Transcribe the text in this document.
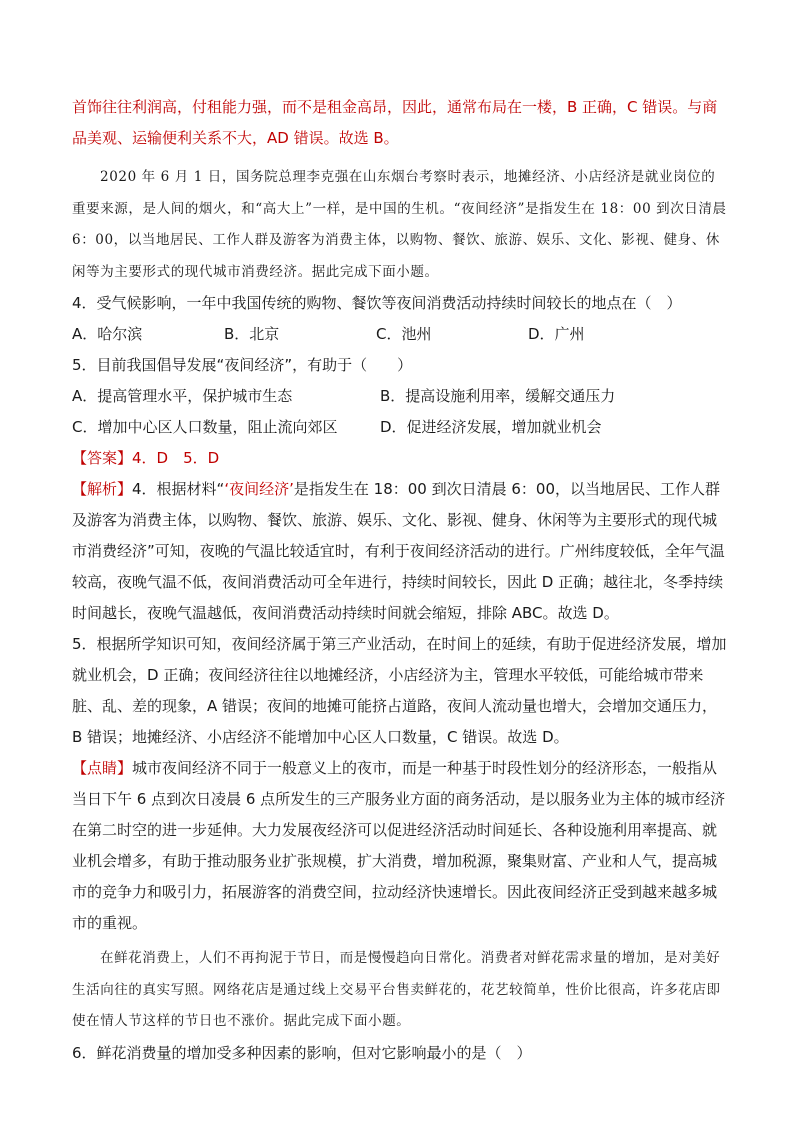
首饰往往利润高，付租能力强，而不是租金高昂，因此，通常布局在一楼，B 正确，C 错误。与商品美观、运输便利关系不大，AD 错误。故选 B。

2020 年 6 月 1 日，国务院总理李克强在山东烟台考察时表示，地摊经济、小店经济是就业岗位的重要来源，是人间的烟火，和“高大上”一样，是中国的生机。“夜间经济”是指发生在 18：00 到次日清晨 6：00，以当地居民、工作人群及游客为消费主体，以购物、餐饮、旅游、娱乐、文化、影视、健身、休闲等为主要形式的现代城市消费经济。据此完成下面小题。

4．受气候影响，一年中我国传统的购物、餐饮等夜间消费活动持续时间较长的地点在（　）

A．哈尔滨	B．北京	C．池州	D．广州

5．目前我国倡导发展“夜间经济”，有助于（　　）

A．提高管理水平，保护城市生态	B．提高设施利用率，缓解交通压力
C．增加中心区人口数量，阻止流向郊区	D．促进经济发展，增加就业机会

【答案】4．D　5．D

【解析】4．根据材料“‘夜间经济’是指发生在 18：00 到次日清晨 6：00，以当地居民、工作人群及游客为消费主体，以购物、餐饮、旅游、娱乐、文化、影视、健身、休闲等为主要形式的现代城市消费经济”可知，夜晚的气温比较适宜时，有利于夜间经济活动的进行。广州纬度较低，全年气温较高，夜晚气温不低，夜间消费活动可全年进行，持续时间较长，因此 D 正确；越往北，冬季持续时间越长，夜晚气温越低，夜间消费活动持续时间就会缩短，排除 ABC。故选 D。

5．根据所学知识可知，夜间经济属于第三产业活动，在时间上的延续，有助于促进经济发展，增加就业机会，D 正确；夜间经济往往以地摊经济，小店经济为主，管理水平较低，可能给城市带来脏、乱、差的现象，A 错误；夜间的地摊可能挤占道路，夜间人流动量也增大，会增加交通压力，B 错误；地摊经济、小店经济不能增加中心区人口数量，C 错误。故选 D。

【点睛】城市夜间经济不同于一般意义上的夜市，而是一种基于时段性划分的经济形态，一般指从当日下午 6 点到次日凌晨 6 点所发生的三产服务业方面的商务活动，是以服务业为主体的城市经济在第二时空的进一步延伸。大力发展夜经济可以促进经济活动时间延长、各种设施利用率提高、就业机会增多，有助于推动服务业扩张规模，扩大消费，增加税源，聚集财富、产业和人气，提高城市的竞争力和吸引力，拓展游客的消费空间，拉动经济快速增长。因此夜间经济正受到越来越多城市的重视。

在鲜花消费上，人们不再拘泥于节日，而是慢慢趋向日常化。消费者对鲜花需求量的增加，是对美好生活向往的真实写照。网络花店是通过线上交易平台售卖鲜花的，花艺较简单，性价比很高，许多花店即使在情人节这样的节日也不涨价。据此完成下面小题。

6．鲜花消费量的增加受多种因素的影响，但对它影响最小的是（　）
